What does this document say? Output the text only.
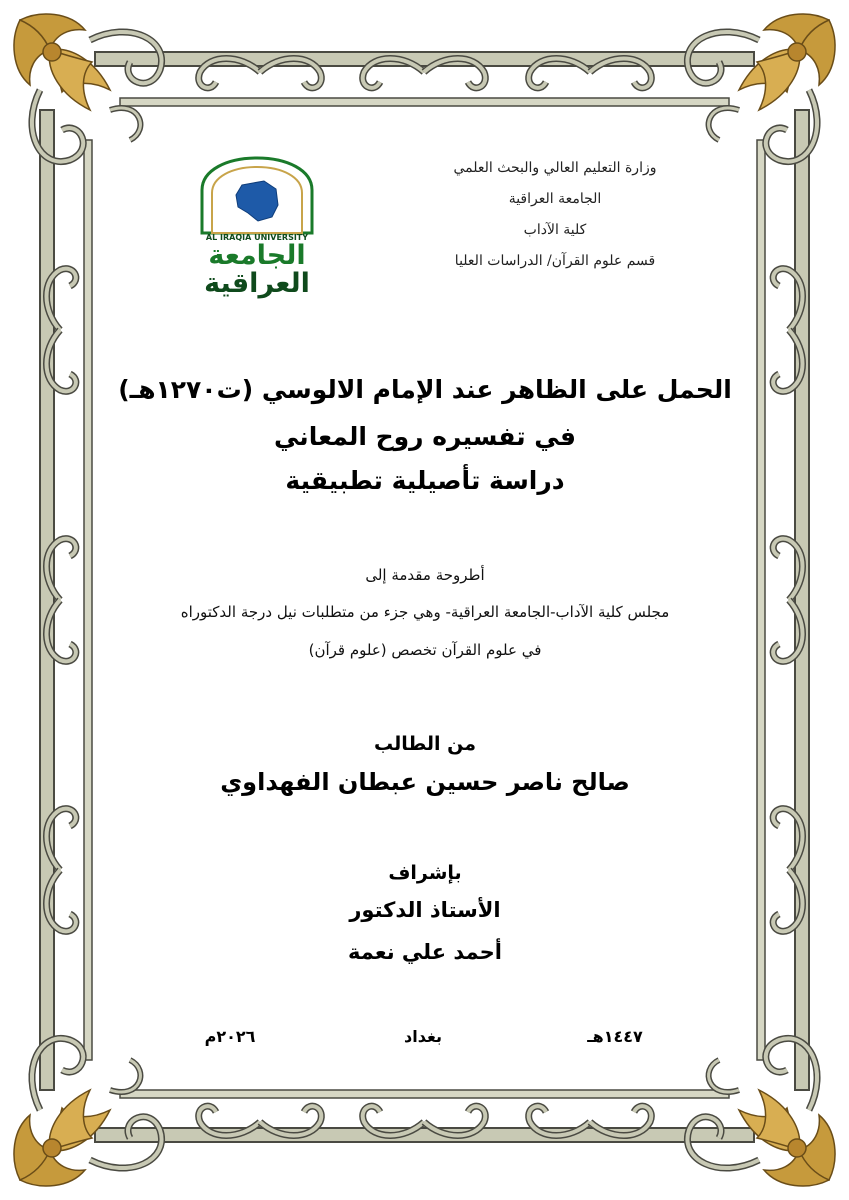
وزارة التعليم العالي والبحث العلمي
الجامعة العراقية
كلية الآداب
قسم علوم القرآن/ الدراسات العليا
AL IRAQIA UNIVERSITY
الجامعة
العراقية
الحمل على الظاهر عند الإمام الالوسي (ت١٢٧٠هـ)
في تفسيره روح المعاني
دراسة تأصيلية تطبيقية
أطروحة مقدمة إلى
مجلس كلية الآداب-الجامعة العراقية- وهي جزء من متطلبات نيل درجة الدكتوراه
في علوم القرآن تخصص (علوم قرآن)
من الطالب
صالح ناصر حسين عبطان الفهداوي
بإشراف
الأستاذ الدكتور
أحمد علي نعمة
١٤٤٧هـ
بغداد
٢٠٢٦م
